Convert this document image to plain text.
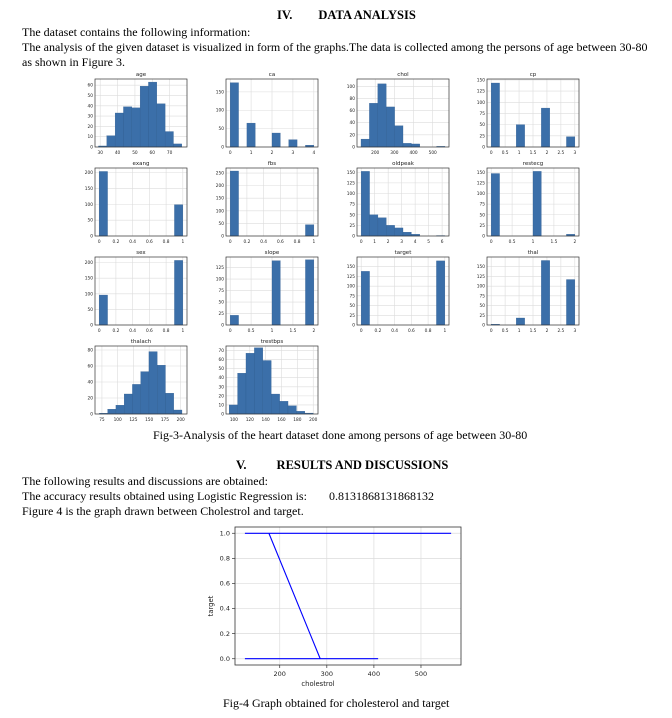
IV. DATA ANALYSIS
The dataset contains the following information:
The analysis of the given dataset is visualized in form of the graphs.The data is collected among the persons of age between 30-80
as shown in Figure 3.
age
30	40	50	60	70
0
10
20
30
40
50
60
ca
0	1	2	3	4
0
50
100
150
chol
200	300	400	500
0
20
40
60
80
100
cp
0 0.5 1 1.5 2 2.5 3
0
25
50
75
100
125
150
exang
0	0.2 0.4 0.6 0.8	1
0
50
100
150
200
fbs
0	0.2 0.4 0.6 0.8	1
0
50
100
150
200
250
oldpeak
0	1	2	3	4	5	6
0
25
50
75
100
125
150
restecg
0	0.5	1	1.5	2
0
25
50
75
100
125
150
sex
0	0.2 0.4 0.6 0.8	1
0
50
100
150
200
slope
0	0.5	1	1.5	2
0
25
50
75
100
125
target
0	0.2 0.4 0.6 0.8	1
0
25
50
75
100
125
150
thal
0 0.5 1 1.5 2 2.5 3
0
25
50
75
100
125
150
thalach
75 100 125 150 175 200
0
20
40
60
80
trestbps
100 120 140 160 180 200
0
10
20
30
40
50
60
70
Fig-3-Analysis of the heart dataset done among persons of age between 30-80
V. RESULTS AND DISCUSSIONS
The following results and discussions are obtained:
The accuracy results obtained using Logistic Regression is: 0.8131868131868132
Figure 4 is the graph drawn between Cholestrol and target.
200	300	400	500
0.0
0.2
0.4
0.6
0.8
1.0
cholestrol
target
Fig-4 Graph obtained for cholesterol and target
